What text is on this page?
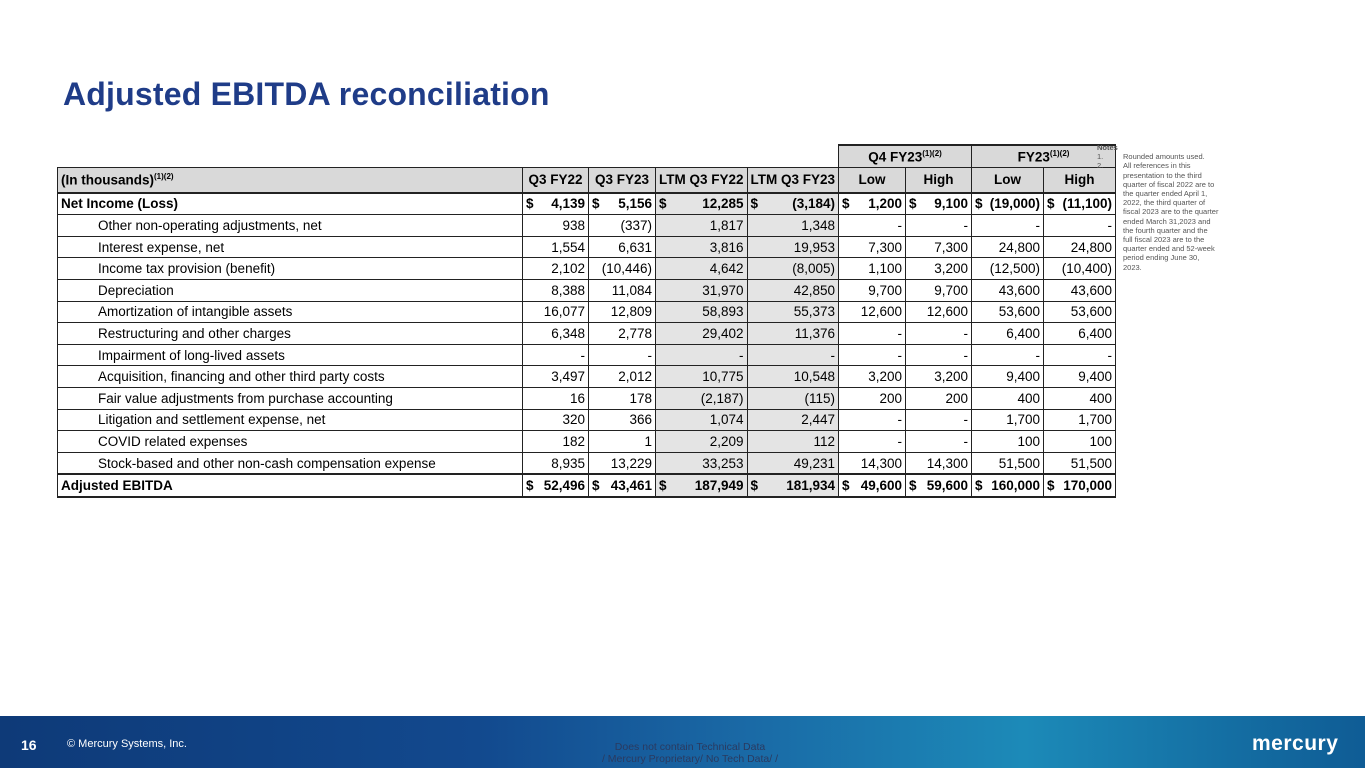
Adjusted EBITDA reconciliation
					Q4 $FY23^{(1)(2)}$		$FY23^{(1)(2)}$
(In thousands)$^{(1)(2)}$	Q3 FY22	Q3 FY23	LTM Q3 FY22	LTM Q3 FY23	Low	High	Low	High
Net Income (Loss)	$ 4,139	$ 5,156	$ 12,285	$ (3,184)	$ 1,200	$ 9,100	$ (19,000)	$ (11,100)

Other non-operating adjustments, net	938	(337)	1,817	1,348	-	-	-	-
Interest expense, net	1,554	6,631	3,816	19,953	7,300	7,300	24,800	24,800
Income tax provision (benefit)	2,102	(10,446)	4,642	(8,005)	1,100	3,200	(12,500)	(10,400)
Depreciation	8,388	11,084	31,970	42,850	9,700	9,700	43,600	43,600
Amortization of intangible assets	16,077	12,809	58,893	55,373	12,600	12,600	53,600	53,600
Restructuring and other charges	6,348	2,778	29,402	11,376	-	-	6,400	6,400
Impairment of long-lived assets	-	-	-	-	-	-	-	-
Acquisition, financing and other third party costs	3,497	2,012	10,775	10,548	3,200	3,200	9,400	9,400
Fair value adjustments from purchase accounting	16	178	(2,187)	(115)	200	200	400	400
Litigation and settlement expense, net	320	366	1,074	2,447	-	-	1,700	1,700
COVID related expenses	182	1	2,209	112	-	-	100	100
Stock-based and other non-cash compensation expense	8,935	13,229	33,253	49,231	14,300	14,300	51,500	51,500
Adjusted EBITDA	$ 52,496	$ 43,461	$ 187,949	$ 181,934	$ 49,600	$ 59,600	$ 160,000	$ 170,000
Notes
1.	Rounded amounts used.
2.	All references in this presentation to the third quarter of fiscal 2022 are to the quarter ended April 1, 2022, the third quarter of fiscal 2023 are to the quarter ended March 31,2023 and the fourth quarter and the full fiscal 2023 are to the quarter ended and 52-week period ending June 30, 2023.
16	© Mercury Systems, Inc.	Does not contain Technical Data
/ Mercury Proprietary/ No Tech Data/ /
mercury
